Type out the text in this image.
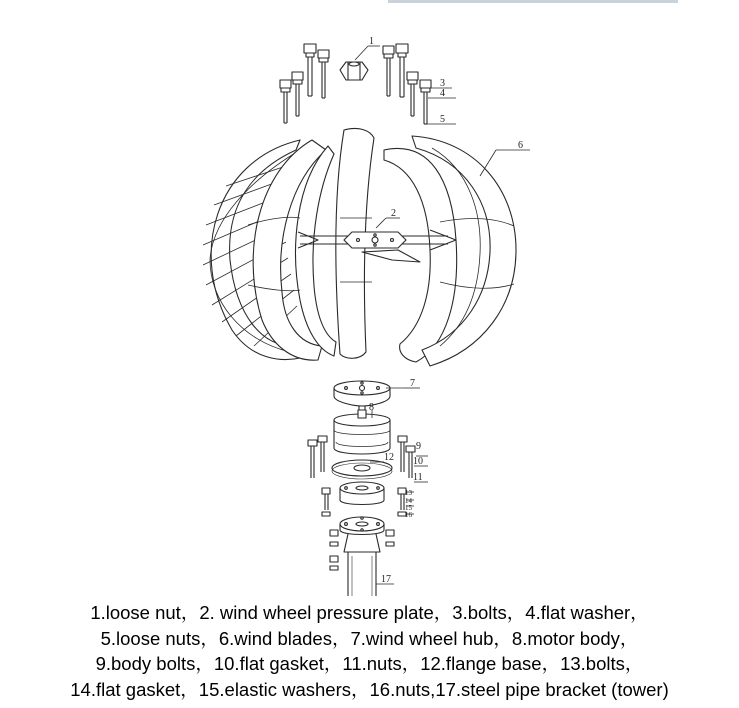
1
2
3
4
5
6
7
8
9
10
11
12
13
14
15
16
17
1.loose nut，2. wind wheel pressure plate，3.bolts，4.flat washer，
5.loose nuts，6.wind blades，7.wind wheel hub，8.motor body，
9.body bolts，10.flat gasket，11.nuts，12.flange base，13.bolts，
14.flat gasket，15.elastic washers，16.nuts,17.steel pipe bracket (tower)
